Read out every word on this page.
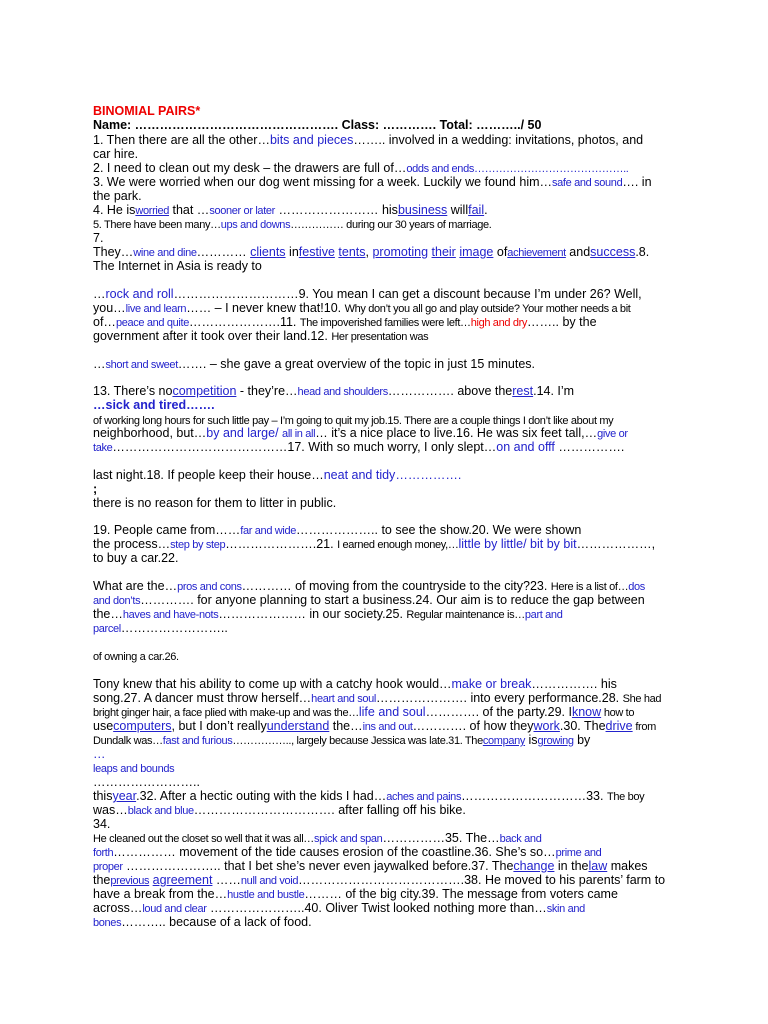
BINOMIAL PAIRS*
Name: …………………………………………. Class: …………. Total: ………../ 50
1. Then there are all the other…bits and pieces…….. involved in a wedding: invitations, photos, and
car hire.
2. I need to clean out my desk – the drawers are full of…odds and ends……………………………………..
3. We were worried when our dog went missing for a week. Luckily we found him…safe and sound…. in
the park.
4. He isworried that …sooner or later …………………… hisbusiness willfail.
5. There have been many…ups and downs…………… during our 30 years of marriage.
7.
They…wine and dine………… clients infestive tents, promoting their image ofachievement andsuccess.8.
The Internet in Asia is ready to
…rock and roll…………………………9. You mean I can get a discount because I’m under 26? Well,
you…live and learn…… – I never knew that!10. Why don’t you all go and play outside? Your mother needs a bit
of…peace and quite………………….11. The impoverished families were left…high and dry…….. by the
government after it took over their land.12. Her presentation was
…short and sweet……. – she gave a great overview of the topic in just 15 minutes.
13. There’s nocompetition - they’re…head and shoulders……………. above therest.14. I’m
…sick and tired…….
of working long hours for such little pay – I’m going to quit my job.15. There are a couple things I don’t like about my
neighborhood, but…by and large/ all in all… it’s a nice place to live.16. He was six feet tall,…give or
take……………………………………17. With so much worry, I only slept…on and offf …………….
last night.18. If people keep their house…neat and tidy…………….
;
there is no reason for them to litter in public.
19. People came from……far and wide……………….. to see the show.20. We were shown
the process…step by step………………….21. I earned enough money,…little by little/ bit by bit………………,
to buy a car.22.
What are the…pros and cons………… of moving from the countryside to the city?23. Here is a list of…dos
and don’ts…………. for anyone planning to start a business.24. Our aim is to reduce the gap between
the…haves and have-nots………………… in our society.25. Regular maintenance is…part and
parcel……………………..
of owning a car.26.
Tony knew that his ability to come up with a catchy hook would…make or break……………. his
song.27. A dancer must throw herself…heart and soul…………………. into every performance.28. She had
bright ginger hair, a face plied with make-up and was the…life and soul…………. of the party.29. Iknow how to
usecomputers, but I don’t reallyunderstand the…ins and out…………. of how theywork.30. Thedrive from
Dundalk was…fast and furious…………….., largely because Jessica was late.31. Thecompany isgrowing by
…
leaps and bounds
……………………..
thisyear.32. After a hectic outing with the kids I had…aches and pains…………………………33. The boy
was…black and blue……………………………. after falling off his bike.
34.
He cleaned out the closet so well that it was all…spick and span……………35. The…back and
forth…………… movement of the tide causes erosion of the coastline.36. She’s so…prime and
proper ………………….. that I bet she’s never even jaywalked before.37. Thechange in thelaw makes
theprevious agreement ……null and void………………………………….38. He moved to his parents’ farm to
have a break from the…hustle and bustle……… of the big city.39. The message from voters came
across…loud and clear …………………..40. Oliver Twist looked nothing more than…skin and
bones……….. because of a lack of food.
